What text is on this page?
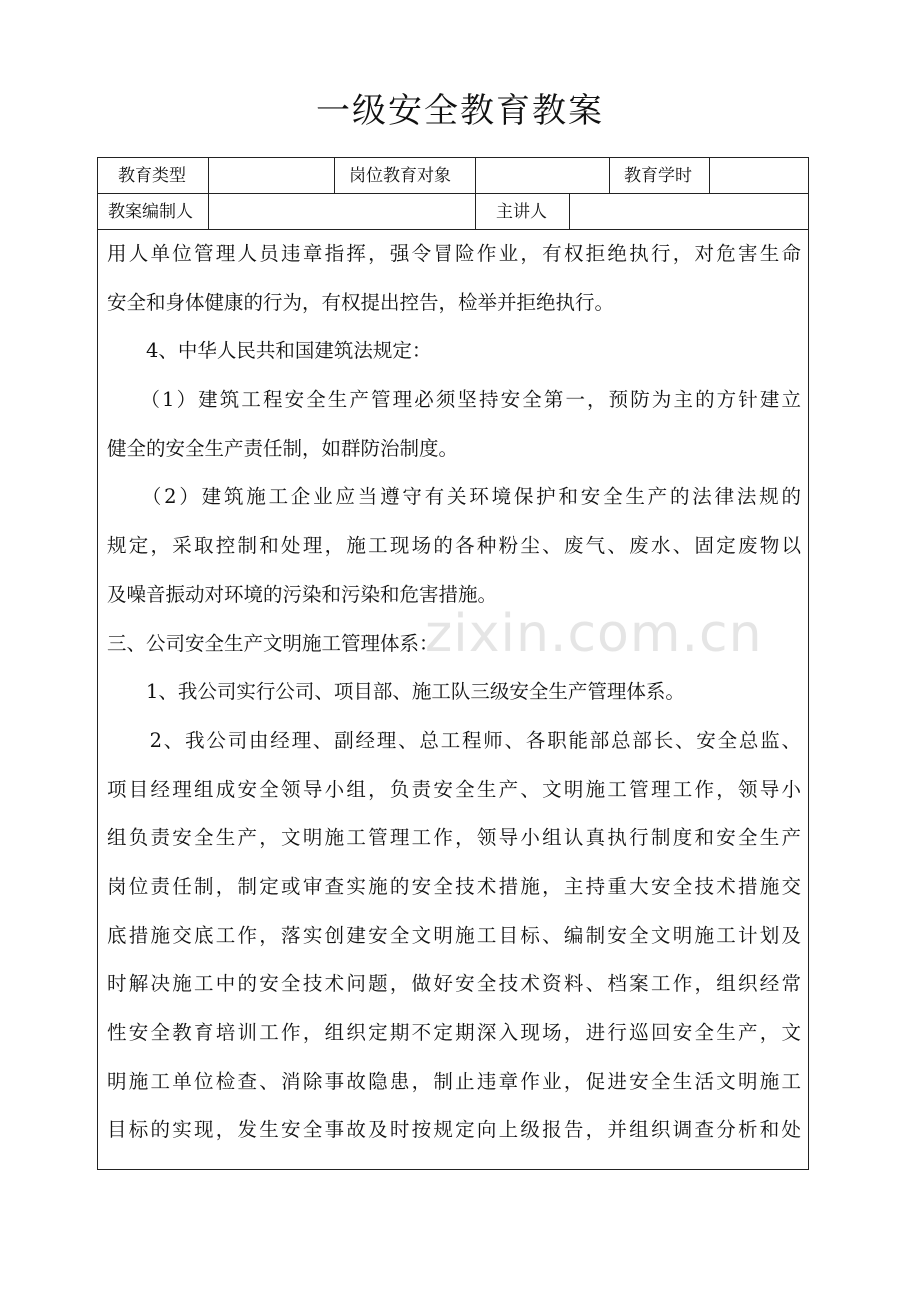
一级安全教育教案
教育类型	岗位教育对象	教育学时
教案编制人	主讲人
用人单位管理人员违章指挥，强令冒险作业，有权拒绝执行，对危害生命
安全和身体健康的行为，有权提出控告，检举并拒绝执行。
　　4、中华人民共和国建筑法规定：
　　（1）建筑工程安全生产管理必须坚持安全第一，预防为主的方针建立
健全的安全生产责任制，如群防治制度。
　　（2）建筑施工企业应当遵守有关环境保护和安全生产的法律法规的
规定，采取控制和处理，施工现场的各种粉尘、废气、废水、固定废物以
及噪音振动对环境的污染和污染和危害措施。
三、公司安全生产文明施工管理体系：
　　1、我公司实行公司、项目部、施工队三级安全生产管理体系。
　　2、我公司由经理、副经理、总工程师、各职能部总部长、安全总监、
项目经理组成安全领导小组，负责安全生产、文明施工管理工作，领导小
组负责安全生产，文明施工管理工作，领导小组认真执行制度和安全生产
岗位责任制，制定或审查实施的安全技术措施，主持重大安全技术措施交
底措施交底工作，落实创建安全文明施工目标、编制安全文明施工计划及
时解决施工中的安全技术问题，做好安全技术资料、档案工作，组织经常
性安全教育培训工作，组织定期不定期深入现场，进行巡回安全生产，文
明施工单位检查、消除事故隐患，制止违章作业，促进安全生活文明施工
目标的实现，发生安全事故及时按规定向上级报告，并组织调查分析和处
zixin.com.cn
